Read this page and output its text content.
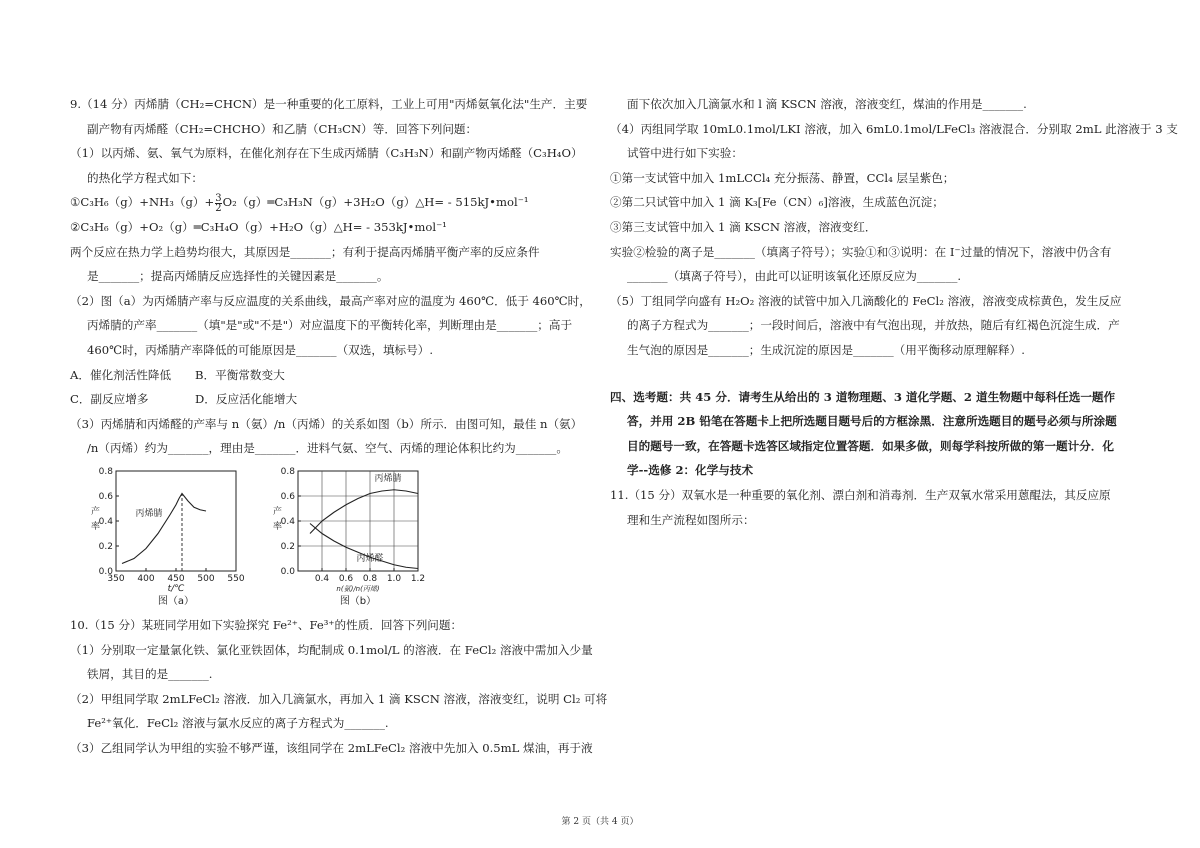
9.（14 分）丙烯腈（CH₂=CHCN）是一种重要的化工原料，工业上可用"丙烯氨氧化法"生产．主要
副产物有丙烯醛（CH₂=CHCHO）和乙腈（CH₃CN）等．回答下列问题：
（1）以丙烯、氨、氧气为原料，在催化剂存在下生成丙烯腈（C₃H₃N）和副产物丙烯醛（C₃H₄O）
的热化学方程式如下：
①C₃H₆（g）+NH₃（g）+ $\frac{3}{2}$ O₂（g）═C₃H₃N（g）+3H₂O（g）△H= - 515kJ•mol⁻¹
②C₃H₆（g）+O₂（g）═C₃H₄O（g）+H₂O（g）△H= - 353kJ•mol⁻¹
两个反应在热力学上趋势均很大，其原因是_______；有利于提高丙烯腈平衡产率的反应条件
是_______；提高丙烯腈反应选择性的关键因素是_______。
（2）图（a）为丙烯腈产率与反应温度的关系曲线，最高产率对应的温度为 460℃．低于 460℃时，
丙烯腈的产率_______（填"是"或"不是"）对应温度下的平衡转化率，判断理由是_______；高于
460℃时，丙烯腈产率降低的可能原因是_______（双选，填标号）.
A．催化剂活性降低 B．平衡常数变大
C．副反应增多	D．反应活化能增大
（3）丙烯腈和丙烯醛的产率与 n（氨）/n（丙烯）的关系如图（b）所示．由图可知，最佳 n（氨）
/n（丙烯）约为_______，理由是_______．进料气氨、空气、丙烯的理论体积比约为_______。
0.0
0.2
0.4
0.6
0.8
350 400 450 500 550
t/℃
产率
图（a）
丙烯腈
0.0
0.2
0.4
0.6
0.8
0.4 0.6 0.8 1.0 1.2
n(氨)/n(丙烯)
产率
图（b）
丙烯腈
丙烯醛
10.（15 分）某班同学用如下实验探究 Fe²⁺、Fe³⁺的性质．回答下列问题：
（1）分别取一定量氯化铁、氯化亚铁固体，均配制成 0.1mol/L 的溶液．在 FeCl₂ 溶液中需加入少量
铁屑，其目的是_______.
（2）甲组同学取 2mLFeCl₂ 溶液．加入几滴氯水，再加入 1 滴 KSCN 溶液，溶液变红，说明 Cl₂ 可将
Fe²⁺氧化．FeCl₂ 溶液与氯水反应的离子方程式为_______.
（3）乙组同学认为甲组的实验不够严谨，该组同学在 2mLFeCl₂ 溶液中先加入 0.5mL 煤油，再于液
面下依次加入几滴氯水和 l 滴 KSCN 溶液，溶液变红，煤油的作用是_______.
（4）丙组同学取 10mL0.1mol/LKI 溶液，加入 6mL0.1mol/LFeCl₃ 溶液混合．分别取 2mL 此溶液于 3 支
试管中进行如下实验：
①第一支试管中加入 1mLCCl₄ 充分振荡、静置，CCl₄ 层呈紫色；
②第二只试管中加入 1 滴 K₃[Fe（CN）₆]溶液，生成蓝色沉淀；
③第三支试管中加入 1 滴 KSCN 溶液，溶液变红．
实验②检验的离子是_______（填离子符号）；实验①和③说明：在 I⁻过量的情况下，溶液中仍含有
_______（填离子符号），由此可以证明该氧化还原反应为_______.
（5）丁组同学向盛有 H₂O₂ 溶液的试管中加入几滴酸化的 FeCl₂ 溶液，溶液变成棕黄色，发生反应
的离子方程式为_______；一段时间后，溶液中有气泡出现，并放热，随后有红褐色沉淀生成．产
生气泡的原因是_______；生成沉淀的原因是_______（用平衡移动原理解释）.
四、选考题：共 45 分．请考生从给出的 3 道物理题、3 道化学题、2 道生物题中每科任选一题作
答，并用 2B 铅笔在答题卡上把所选题目题号后的方框涂黑．注意所选题目的题号必须与所涂题
目的题号一致，在答题卡选答区域指定位置答题．如果多做，则每学科按所做的第一题计分．化
学--选修 2：化学与技术
11.（15 分）双氧水是一种重要的氧化剂、漂白剂和消毒剂．生产双氧水常采用蒽醌法，其反应原
理和生产流程如图所示：
第 2 页（共 4 页）
